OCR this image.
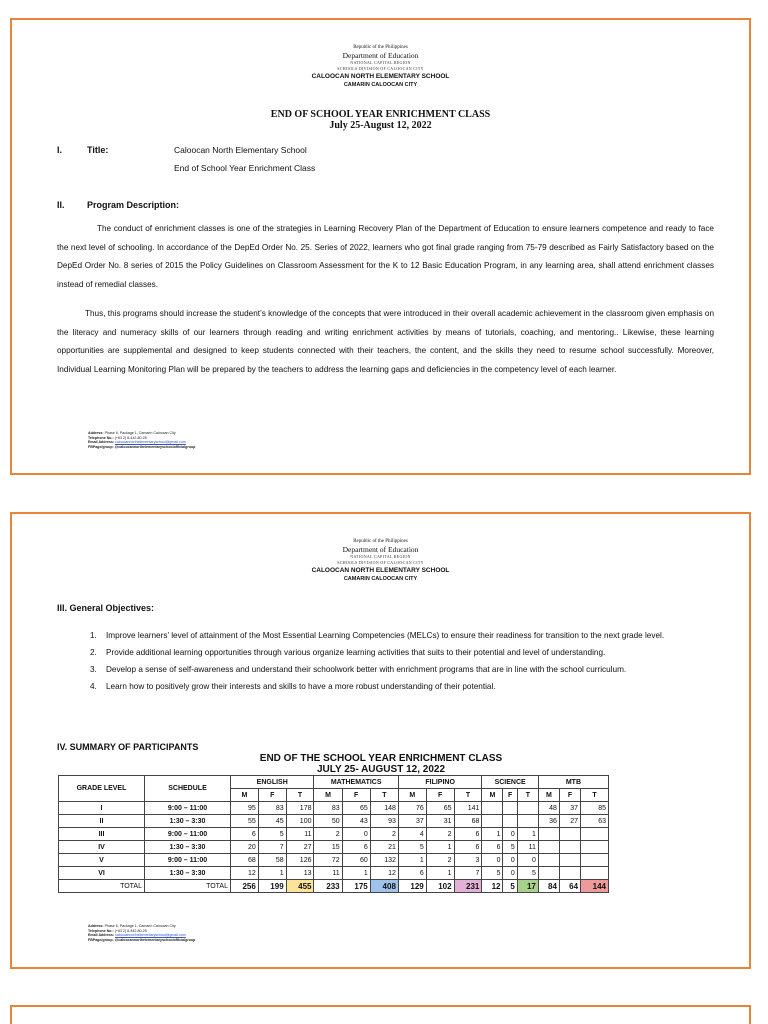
Republic of the Philippines
Department of Education
NATIONAL CAPITAL REGION
SCHOOLS DIVISION OF CALOOCAN CITY
CALOOCAN NORTH ELEMENTARY SCHOOL
CAMARIN CALOOCAN CITY
END OF SCHOOL YEAR ENRICHMENT CLASS
July 25-August 12, 2022
I.	Title:	Caloocan North Elementary School
End of School Year Enrichment Class
II. Program Description:

The conduct of enrichment classes is one of the strategies in Learning Recovery Plan of the Department of Education to ensure learners competence and ready to face the next level of schooling. In accordance of the DepEd Order No. 25. Series of 2022, learners who got final grade ranging from 75-79 described as Fairly Satisfactory based on the DepEd Order No. 8 series of 2015 the Policy Guidelines on Classroom Assessment for the K to 12 Basic Education Program, in any learning area, shall attend enrichment classes instead of remedial classes.

Thus, this programs should increase the student’s knowledge of the concepts that were introduced in their overall academic achievement in the classroom given emphasis on the literacy and numeracy skills of our learners through reading and writing enrichment activities by means of tutorials, coaching, and mentoring.. Likewise, these learning opportunities are supplemental and designed to keep students connected with their teachers, the content, and the skills they need to resume school successfully. Moreover, Individual Learning Monitoring Plan will be prepared by the teachers to address the learning gaps and deficiencies in the competency level of each learner.

Address: Phase 6, Package 1, Camarin Caloocan City
Telephone No.: (+63 2) 8-442-80-25
Email Address: caloocannorthelementaryschool@gmail.com
FBPage/group: @caloocannorthelementaryschoolofficialgroup
Republic of the Philippines
Department of Education
NATIONAL CAPITAL REGION
SCHOOLS DIVISION OF CALOOCAN CITY
CALOOCAN NORTH ELEMENTARY SCHOOL
CAMARIN CALOOCAN CITY
III. General Objectives:
1. Improve learners’ level of attainment of the Most Essential Learning Competencies (MELCs) to ensure their readiness for transition to the next grade level.
2. Provide additional learning opportunities through various organize learning activities that suits to their potential and level of understanding.
3. Develop a sense of self-awareness and understand their schoolwork better with enrichment programs that are in line with the school curriculum.
4. Learn how to positively grow their interests and skills to have a more robust understanding of their potential.
IV. SUMMARY OF PARTICIPANTS
END OF THE SCHOOL YEAR ENRICHMENT CLASS
JULY 25- AUGUST 12, 2022
GRADE LEVEL	SCHEDULE	ENGLISH			MATHEMATICS			FILIPINO			SCIENCE			MTB		
		M	F	T	M	F	T	M	F	T	M	F	T	M	F	T
I	9:00 – 11:00	95	83	178	83	65	148	76	65	141				48	37	85
II	1:30 – 3:30	55	45	100	50	43	93	37	31	68				36	27	63
III	9:00 – 11:00	6	5	11	2	0	2	4	2	6	1	0	1			
IV	1:30 – 3:30	20	7	27	15	6	21	5	1	6	6	5	11			
V	9:00 – 11:00	68	58	126	72	60	132	1	2	3	0	0	0			
VI	1:30 – 3:30	12	1	13	11	1	12	6	1	7	5	0	5			
TOTAL	TOTAL	256	199	455	233	175	408	129	102	231	12	5	17	84	64	144
Address: Phase 6, Package 1, Camarin Caloocan City
Telephone No.: (+63 2) 8-442-80-25
Email Address: caloocannorthelementaryschool@gmail.com
FBPage/group: @caloocannorthelementaryschoolofficialgroup
